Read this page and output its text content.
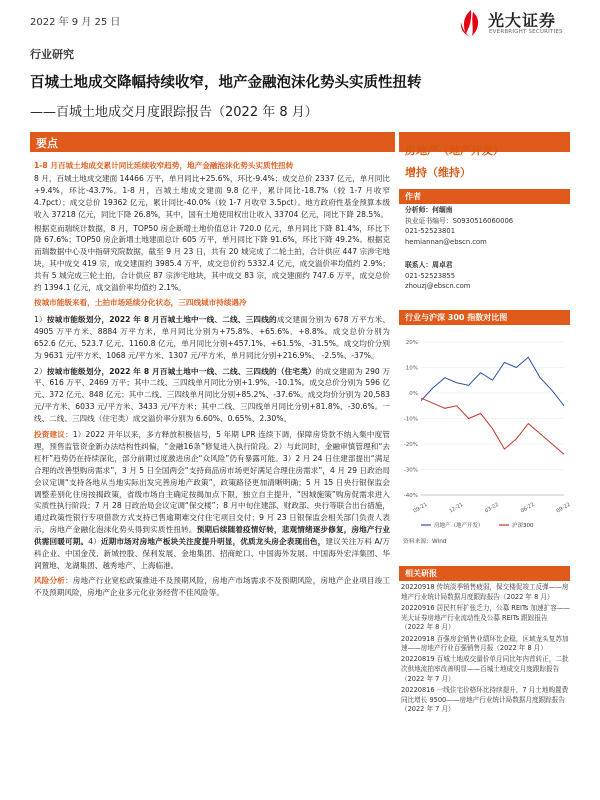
2022 年 9 月 25 日	光大证券
EVERBRIGHT SECURITIES
行业研究
百城土地成交降幅持续收窄，地产金融泡沫化势头实质性扭转
——百城土地成交月度跟踪报告（2022 年 8 月）
要点

1-8 月百城土地成交累计同比延续收窄趋势，地产金融泡沫化势头实质性扭转

8 月，百城土地成交建面 14466 万平，单月同比+25.6%，环比-9.4%；成交总价 2337 亿元，单月同比+9.4%，环比-43.7%。1-8 月，百城土地成交建面 9.8 亿平，累计同比-18.7%（较 1-7 月收窄 4.7pct）；成交总价 19362 亿元，累计同比-40.0%（较 1-7 月收窄 3.5pct）。地方政府性基金预算本级收入 37218 亿元，同比下降 26.8%，其中，国有土地使用权出让收入 33704 亿元，同比下降 28.5%。

根据克而瑞统计数据，8 月，TOP50 房企新增土地价值总计 720.0 亿元，单月同比下降 81.4%，环比下降 67.6%；TOP50 房企新增土地建面总计 605 万平，单月同比下降 91.6%，环比下降 49.2%。根据克而瑞数据中心及中指研究院数据，截至 9 月 23 日，共有 20 城完成了二轮土拍，合计供应 447 宗涉宅地块，其中成交 419 宗，成交建面约 3985.4 万平，成交总价约 5332.4 亿元，成交溢价率均值约 2.9%；共有 5 城完成三轮土拍，合计供应 87 宗涉宅地块，其中成交 83 宗，成交建面约 747.6 万平，成交总价约 1394.1 亿元，成交溢价率均值约 2.1%。

按城市能级来看，土拍市场延续分化状态，三四线城市持续遇冷

1）按城市能级划分，2022 年 8 月百城土地中一线、二线、三四线的成交建面分别为 678 万平方米、4905 万平方米、8884 万平方米，单月同比分别为+75.8%、+65.6%、+8.8%。成交总价分别为 652.6 亿元、523.7 亿元、1160.8 亿元，单月同比分别+457.1%、+61.5%、-31.5%。成交均价分别为 9631 元/平方米、1068 元/平方米、1307 元/平方米，单月同比分别+216.9%、 -2.5%、-37%。

2）按城市能级划分，2022 年 8 月百城土地中一线、二线、三四线的（住宅类）的成交建面为 290 万平、616 万平、2469 万平；其中二线、三四线单月同比分别+1.9%、-10.1%。成交总价分别为 596 亿元、372 亿元、848 亿元；其中二线、三四线单月同比分别+85.2%、-37.6%。成交均价分别为 20,583 元/平方米、6033 元/平方米、3433 元/平方米；其中二线、三四线单月同比分别+81.8%、-30.6%。一线、二线、三四线（住宅类）成交溢价率分别为 6.60%、0.65%、2.30%。

投资建议：1）2022 开年以来，多方释放积极信号，5 年期 LPR 连续下调，保障房贷款不纳入集中度管理，预售监管资金新办法结构性纠偏，“金融16条”修复进入执行阶段。2）与此同时，金融审慎管理和“去杠杆”趋势仍在持续深化，部分前期过度激进房企“众风险”仍有暴露可能。3）2 月 24 日住建部提出“满足合理的改善型购房需求”，3 月 5 日全国两会“支持商品房市场更好满足合理住房需求”，4 月 29 日政治局会议定调“支持各地从当地实际出发完善房地产政策”，政策路径更加清晰明确；5 月 15 日央行银保监会调整差别化住房按揭政策，省级市场自主确定按揭加点下限，独立自主提升，“因城施策”购房促需求进入实质性执行阶段；7 月 28 日政治局会议定调“保交楼”；8 月中旬住建部、财政部、央行等联合出台措施，通过政策性银行专项借款方式支持已售逾期难交付住宅项目交付；9 月 23 日银保监会相关部门负责人表示，房地产金融化泡沫化势头得到实质性扭转。预期后续随着疫情好转，悲观情绪逐步修复，房地产行业供需回暖可期。4）近期市场对房地产板块关注度提升明显，优质龙头房企表现出色，建议关注万科 A/万科企业、中国金茂、新城控股、保利发展、金地集团、招商蛇口、中国海外发展、中国海外宏洋集团、华润置地、龙湖集团、越秀地产、上海临港。

风险分析：房地产行业宽松政策推进不及预期风险，房地产市场需求不及预期风险，房地产企业项目竣工不及预期风险，房地产企业多元化业务经营不佳风险等。

房地产（地产开发）
增持（维持）
作者
分析师：何缅南
执业证书编号：S0930516060006
021-52523801
hemiannan@ebscn.com
联系人：周卓君
021-52523855
zhouzj@ebscn.com
行业与沪深 300 指数对比图
20%
10%
0%
-10%
-20%
-30%
-40%
09-21	12-21	03-22	06-22	09-22
房地产（地产开发）	沪深300
资料来源：Wind
相关研报
20220918 传统淡季销售疲弱，保交楼促竣工反弹——房地产行业统计局数据月度跟踪报告（2022 年 8 月）
20220916 居民杠杆扩张乏力，公募 REITs 加速扩容——光大证券房地产行业流动性及公募 REITs 跟踪报告（2022 年 8 月）
20220918 百强房企销售业绩环比企稳，区域龙头复苏加速——房地产行业百强销售月报（2022 年 8 月）
20220819 百城土地成交量价单月同比年内首转正，二批次供地流拍率改善明显——百城土地成交月度跟踪报告（2022 年 7 月）
20220816 一线住宅价格环比持续提升，7 月土地购置费同比增长 9500——房地产行业统计局数据月度跟踪报告（2022 年 7 月）
